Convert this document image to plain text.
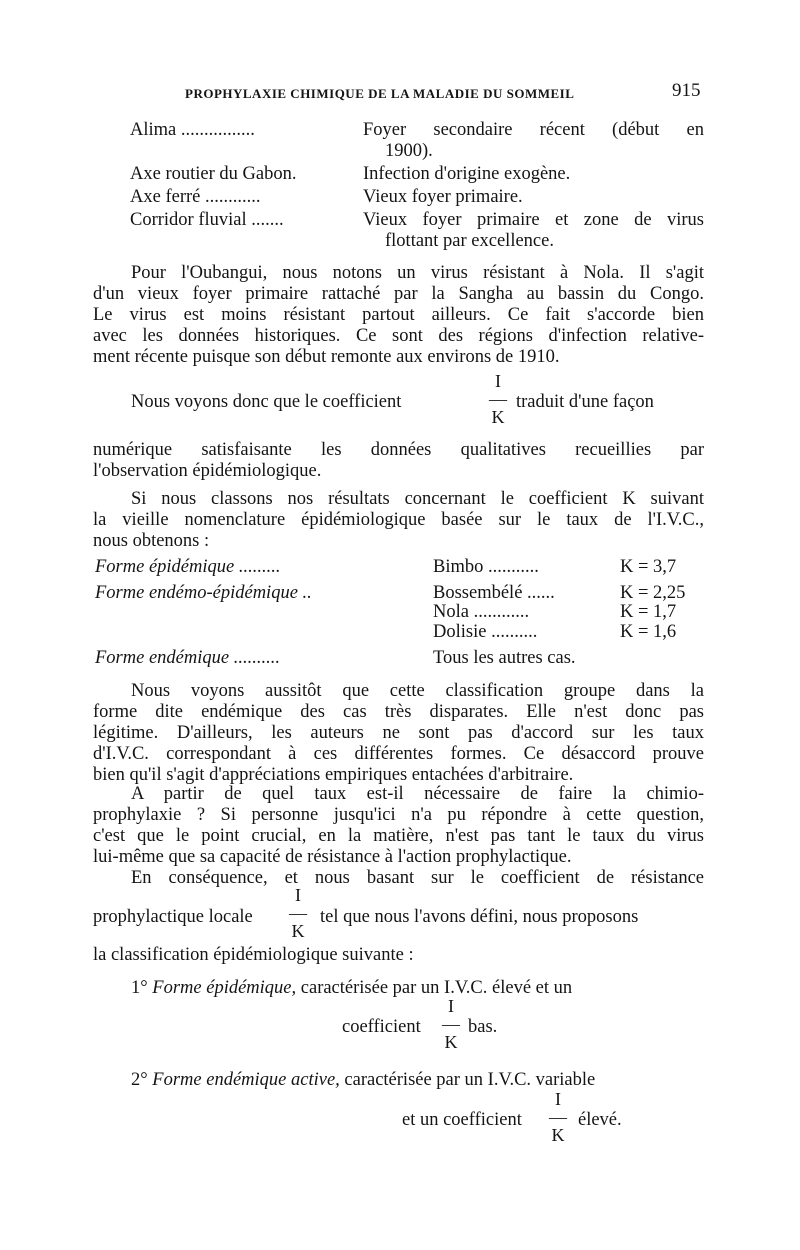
PROPHYLAXIE CHIMIQUE DE LA MALADIE DU SOMMEIL	915
Alima ................	Foyer secondaire récent (début en
1900).
Axe routier du Gabon.	Infection d'origine exogène.
Axe ferré ............	Vieux foyer primaire.
Corridor fluvial .......	Vieux foyer primaire et zone de virus
flottant par excellence.
Pour l'Oubangui, nous notons un virus résistant à Nola. Il s'agit
d'un vieux foyer primaire rattaché par la Sangha au bassin du Congo.
Le virus est moins résistant partout ailleurs. Ce fait s'accorde bien
avec les données historiques. Ce sont des régions d'infection relative-
ment récente puisque son début remonte aux environs de 1910.
Nous voyons donc que le coefficient
I
—
K
traduit d'une façon
numérique satisfaisante les données qualitatives recueillies par
l'observation épidémiologique.
Si nous classons nos résultats concernant le coefficient K suivant
la vieille nomenclature épidémiologique basée sur le taux de l'I.V.C.,
nous obtenons :
Forme épidémique .........	Bimbo ...........	K = 3,7
Forme endémo-épidémique ..	Bossembélé ......	K = 2,25
Nola ............	K = 1,7
Dolisie ..........	K = 1,6
Forme endémique ..........	Tous les autres cas.
Nous voyons aussitôt que cette classification groupe dans la
forme dite endémique des cas très disparates. Elle n'est donc pas
légitime. D'ailleurs, les auteurs ne sont pas d'accord sur les taux
d'I.V.C. correspondant à ces différentes formes. Ce désaccord prouve
bien qu'il s'agit d'appréciations empiriques entachées d'arbitraire.
A partir de quel taux est-il nécessaire de faire la chimio-
prophylaxie ? Si personne jusqu'ici n'a pu répondre à cette question,
c'est que le point crucial, en la matière, n'est pas tant le taux du virus
lui-même que sa capacité de résistance à l'action prophylactique.
En conséquence, et nous basant sur le coefficient de résistance
prophylactique locale
I
—
K
tel que nous l'avons défini, nous proposons
la classification épidémiologique suivante :
1° Forme épidémique, caractérisée par un I.V.C. élevé et un
coefficient
I
—
K
bas.
2° Forme endémique active, caractérisée par un I.V.C. variable
et un coefficient
I
—
K
élevé.
